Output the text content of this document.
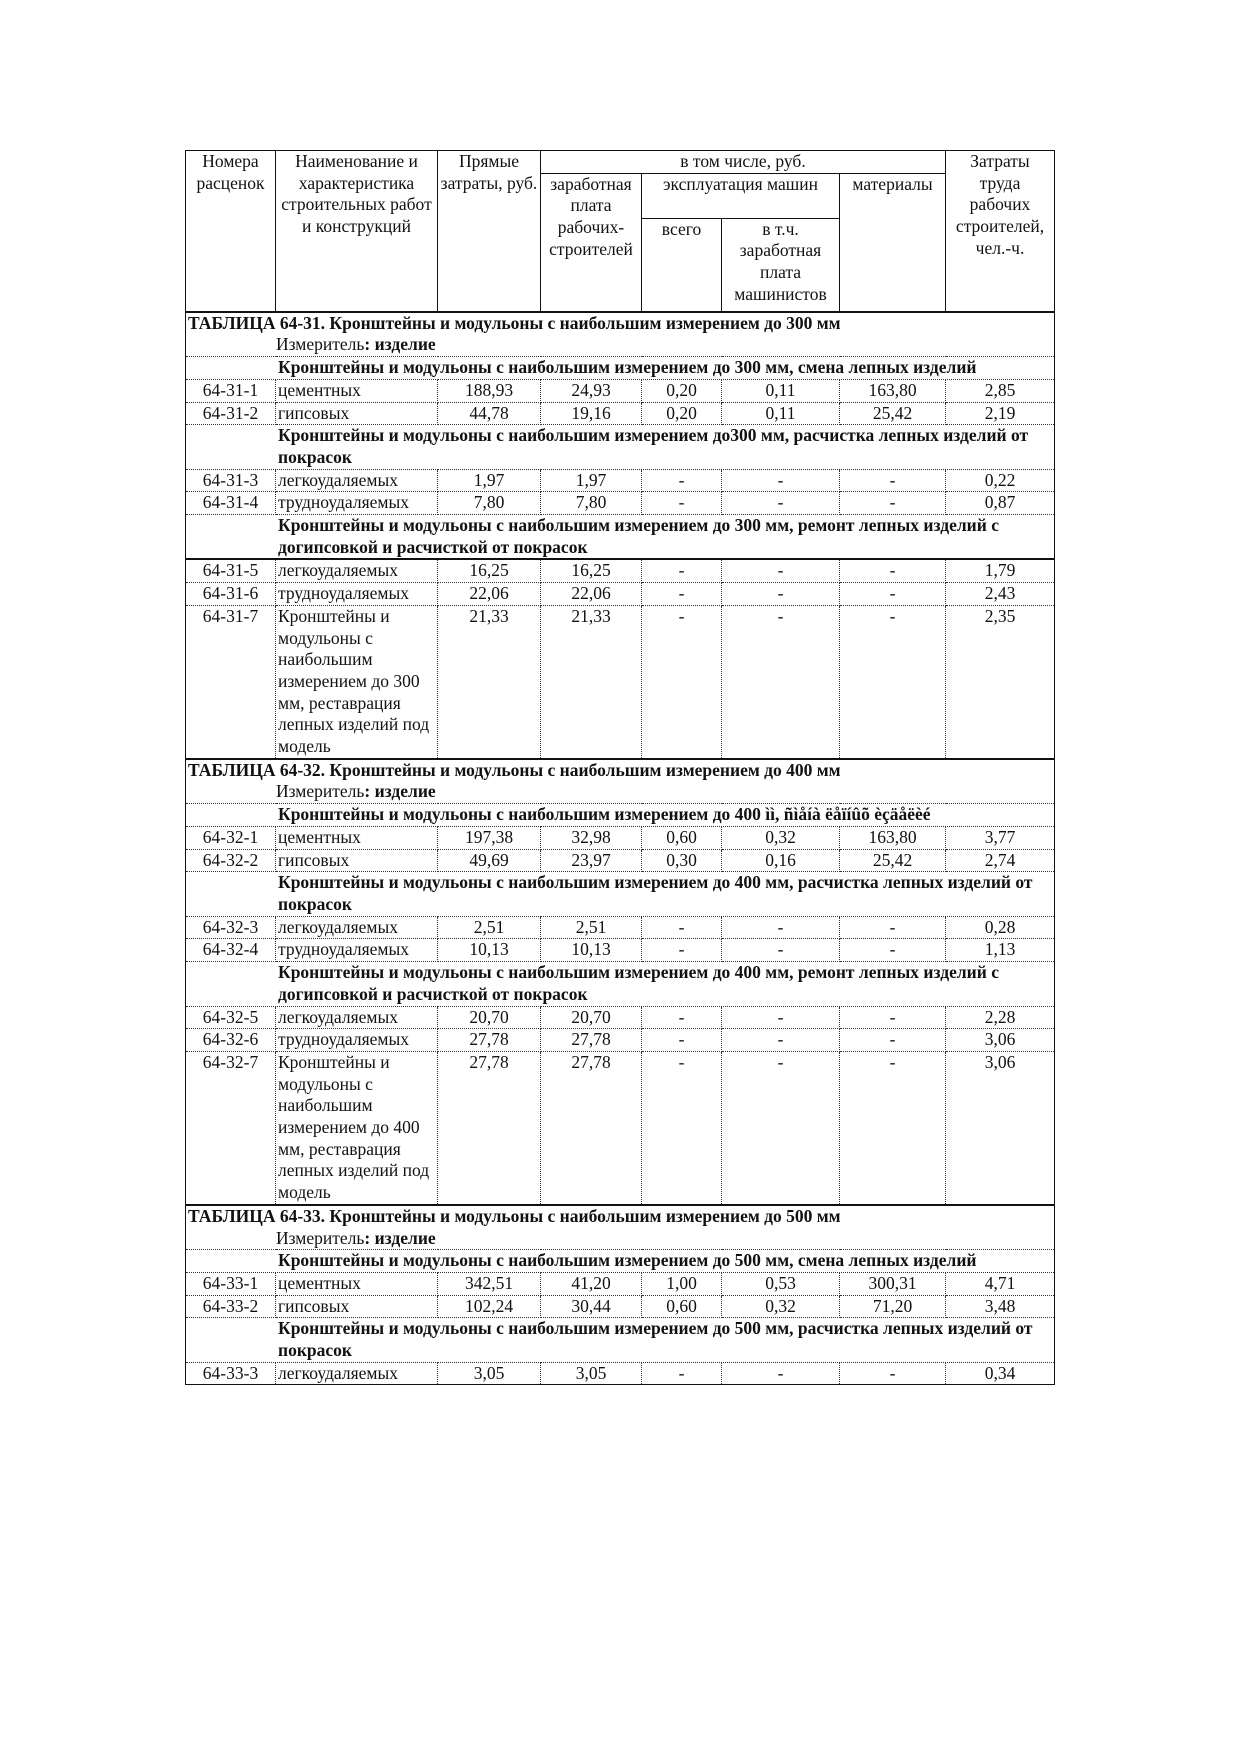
Номера расценок	Наименование и характеристика строительных работ и конструкций	Прямые затраты, руб.	в том числе, руб.				Затраты труда рабочих строителей, чел.-ч.
			заработная плата рабочих-строителей	эксплуатация машин		материалы	
				всего	в т.ч. заработная плата машинистов		
ТАБЛИЦА 64-31. Кронштейны и модульоны с наибольшим измерением до 300 мм							
Измеритель: изделие							
Кронштейны и модульоны с наибольшим измерением до 300 мм, смена лепных изделий							
64-31-1	цементных	188,93	24,93	0,20	0,11	163,80	2,85
64-31-2	гипсовых	44,78	19,16	0,20	0,11	25,42	2,19
Кронштейны и модульоны с наибольшим измерением до300 мм, расчистка лепных изделий от покрасок							
64-31-3	легкоудаляемых	1,97	1,97	-	-	-	0,22
64-31-4	трудноудаляемых	7,80	7,80	-	-	-	0,87
Кронштейны и модульоны с наибольшим измерением до 300 мм, ремонт лепных изделий с догипсовкой и расчисткой от покрасок							
64-31-5	легкоудаляемых	16,25	16,25	-	-	-	1,79
64-31-6	трудноудаляемых	22,06	22,06	-	-	-	2,43
64-31-7	Кронштейны и модульоны с наибольшим измерением до 300 мм, реставрация лепных изделий под модель	21,33	21,33	-	-	-	2,35
ТАБЛИЦА 64-32. Кронштейны и модульоны с наибольшим измерением до 400 мм							
Измеритель: изделие							
Кронштейны и модульоны с наибольшим измерением до 400 ìì, ñìåíà ëåïíûõ èçäåëèé							
64-32-1	цементных	197,38	32,98	0,60	0,32	163,80	3,77
64-32-2	гипсовых	49,69	23,97	0,30	0,16	25,42	2,74
Кронштейны и модульоны с наибольшим измерением до 400 мм, расчистка лепных изделий от покрасок							
64-32-3	легкоудаляемых	2,51	2,51	-	-	-	0,28
64-32-4	трудноудаляемых	10,13	10,13	-	-	-	1,13
Кронштейны и модульоны с наибольшим измерением до 400 мм, ремонт лепных изделий с догипсовкой и расчисткой от покрасок							
64-32-5	легкоудаляемых	20,70	20,70	-	-	-	2,28
64-32-6	трудноудаляемых	27,78	27,78	-	-	-	3,06
64-32-7	Кронштейны и модульоны с наибольшим измерением до 400 мм, реставрация лепных изделий под модель	27,78	27,78	-	-	-	3,06
ТАБЛИЦА 64-33. Кронштейны и модульоны с наибольшим измерением до 500 мм							
Измеритель: изделие							
Кронштейны и модульоны с наибольшим измерением до 500 мм, смена лепных изделий							
64-33-1	цементных	342,51	41,20	1,00	0,53	300,31	4,71
64-33-2	гипсовых	102,24	30,44	0,60	0,32	71,20	3,48
Кронштейны и модульоны с наибольшим измерением до 500 мм, расчистка лепных изделий от покрасок							
64-33-3	легкоудаляемых	3,05	3,05	-	-	-	0,34
